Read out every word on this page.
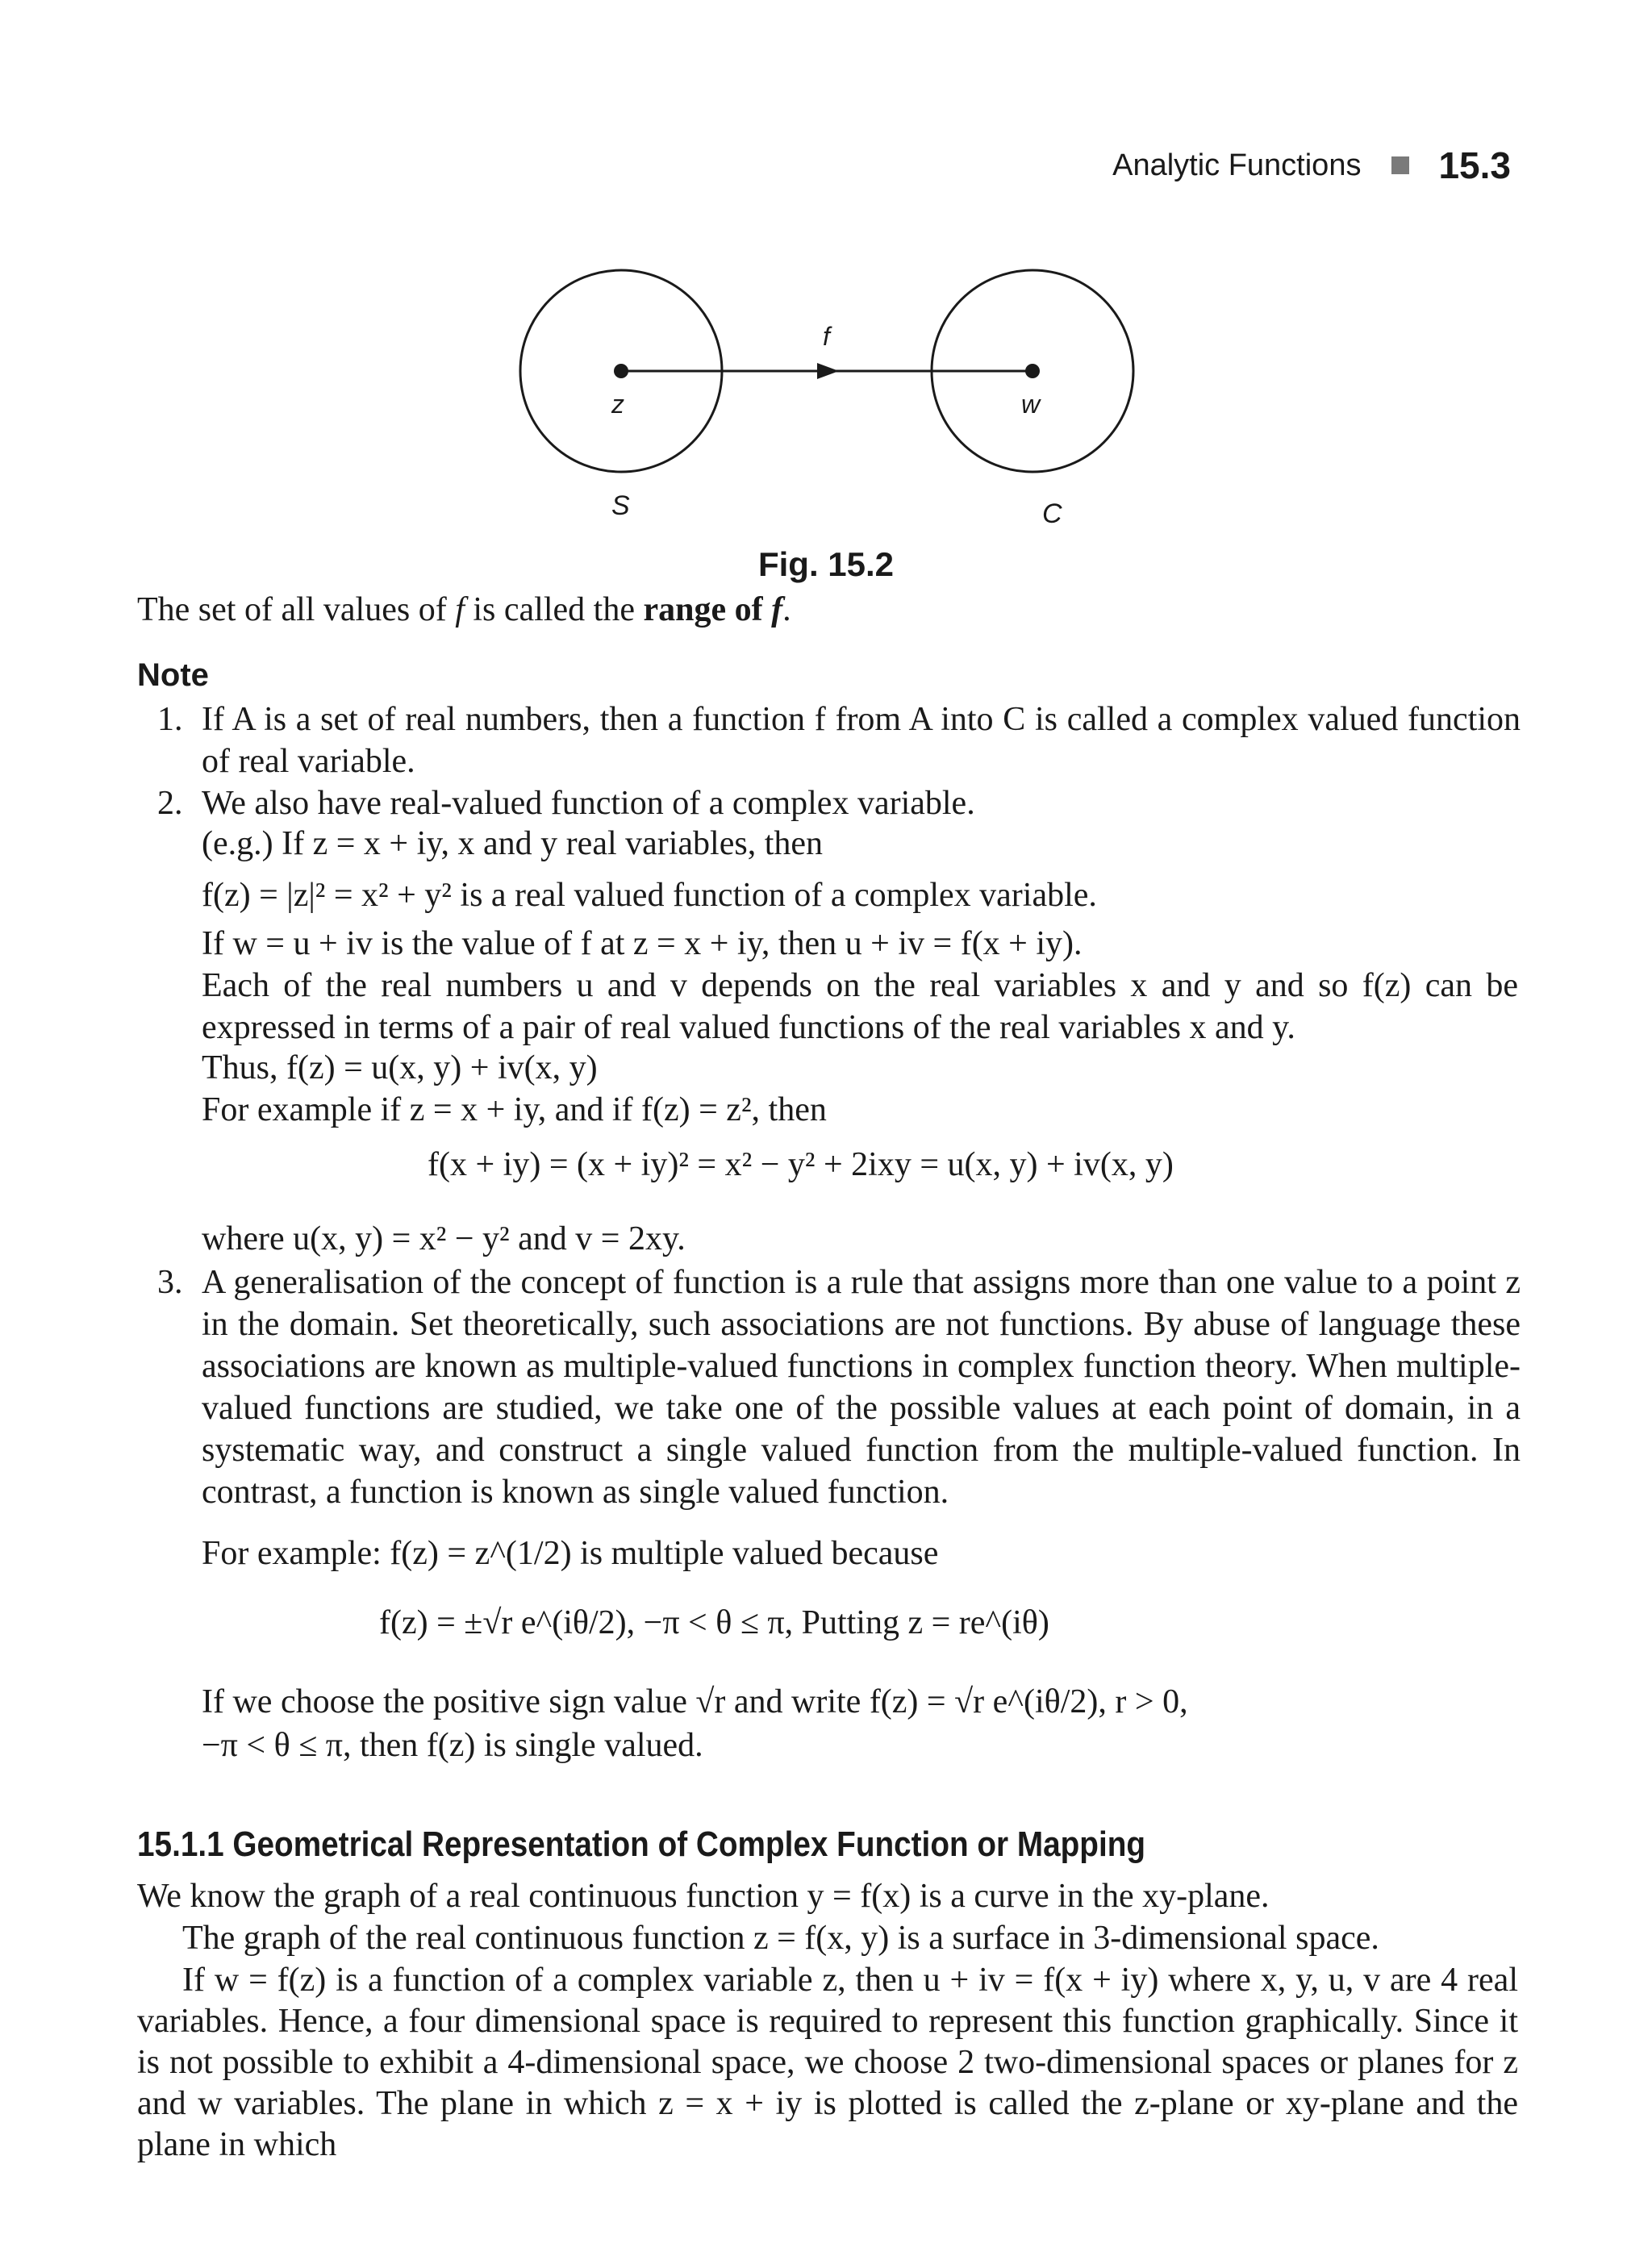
Analytic Functions 15.3
f
z	w
S	C
Fig. 15.2
The set of all values of f is called the range of f.
Note
1. If A is a set of real numbers, then a function f from A into C is called a complex valued function of real variable.
2. We also have real-valued function of a complex variable.
(e.g.) If z = x + iy, x and y real variables, then
f(z) = |z|² = x² + y² is a real valued function of a complex variable.
If w = u + iv is the value of f at z = x + iy, then u + iv = f(x + iy).
Each of the real numbers u and v depends on the real variables x and y and so f(z) can be expressed in terms of a pair of real valued functions of the real variables x and y.
Thus, f(z) = u(x, y) + iv(x, y)
For example if z = x + iy, and if f(z) = z², then
f(x + iy) = (x + iy)² = x² − y² + 2ixy = u(x, y) + iv(x, y)
where u(x, y) = x² − y² and v = 2xy.
3. A generalisation of the concept of function is a rule that assigns more than one value to a point z in the domain. Set theoretically, such associations are not functions. By abuse of language these associations are known as multiple-valued functions in complex function theory. When multiple-valued functions are studied, we take one of the possible values at each point of domain, in a systematic way, and construct a single valued function from the multiple-valued function. In contrast, a function is known as single valued function.
For example: f(z) = z^(1/2) is multiple valued because
f(z) = ±√r e^(iθ/2), −π < θ ≤ π, Putting z = re^(iθ)
If we choose the positive sign value √r and write f(z) = √r e^(iθ/2), r > 0,
−π < θ ≤ π, then f(z) is single valued.
15.1.1 Geometrical Representation of Complex Function or Mapping
We know the graph of a real continuous function y = f(x) is a curve in the xy-plane.
The graph of the real continuous function z = f(x, y) is a surface in 3-dimensional space.
If w = f(z) is a function of a complex variable z, then u + iv = f(x + iy) where x, y, u, v are 4 real variables. Hence, a four dimensional space is required to represent this function graphically. Since it is not possible to exhibit a 4-dimensional space, we choose 2 two-dimensional spaces or planes for z and w variables. The plane in which z = x + iy is plotted is called the z-plane or xy-plane and the plane in which
